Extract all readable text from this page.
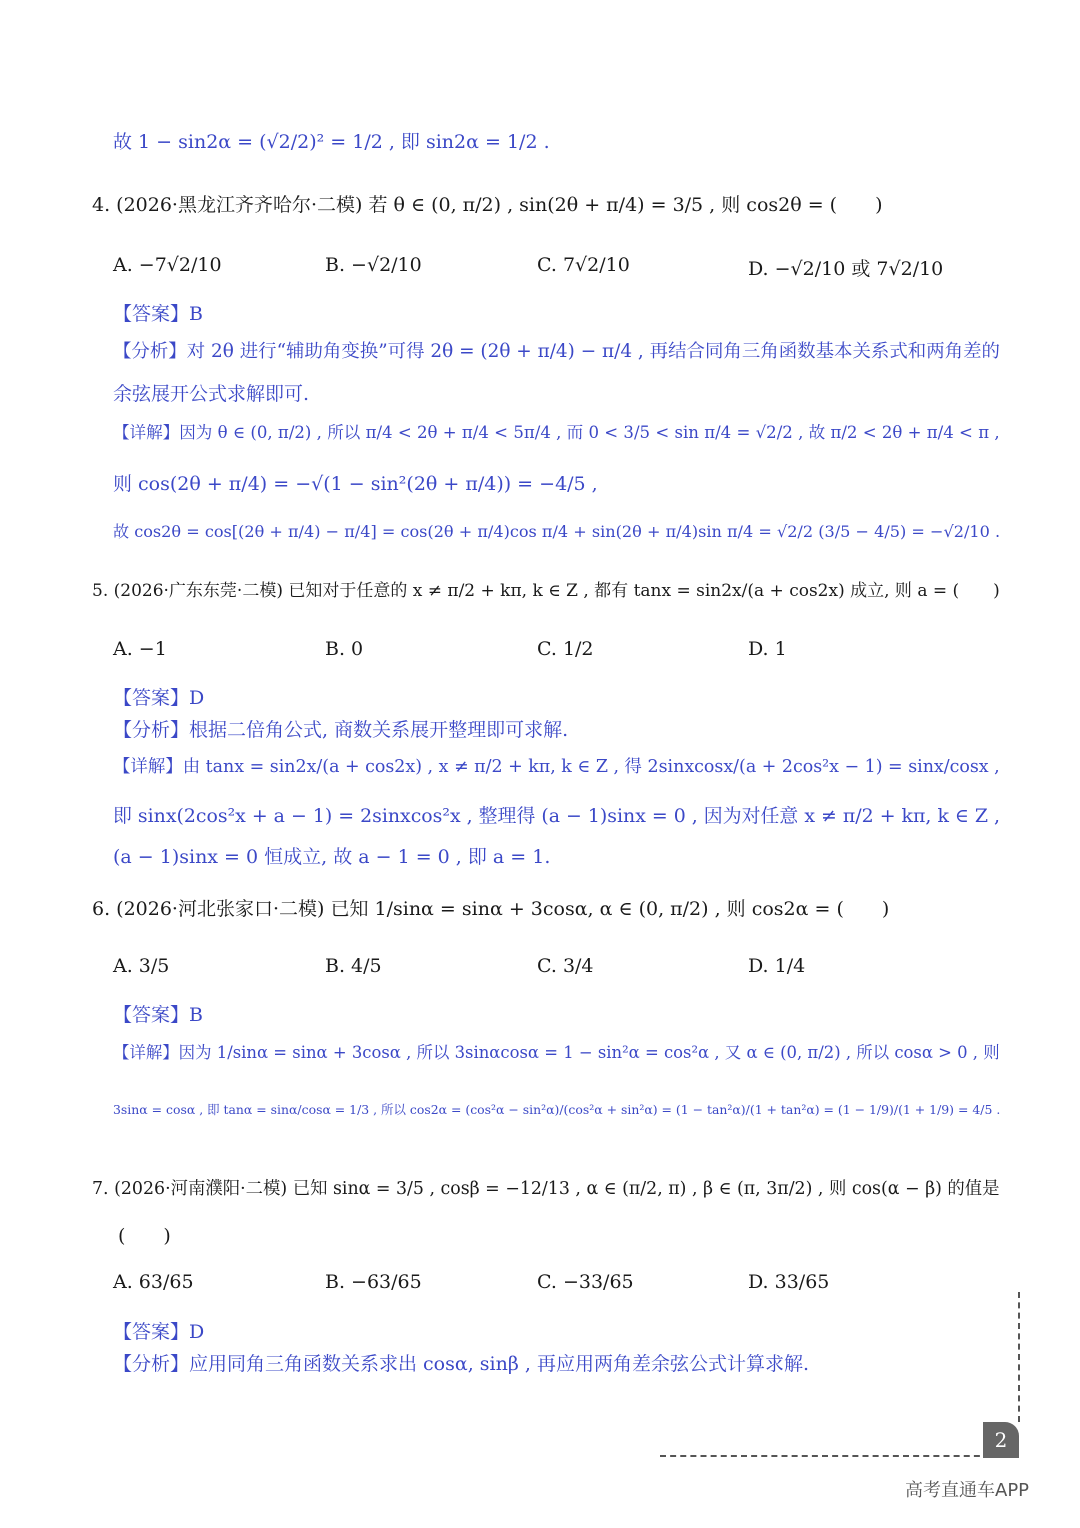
故 1 − sin2α = (√2/2)² = 1/2 , 即 sin2α = 1/2 .
4. (2026·黑龙江齐齐哈尔·二模) 若 θ ∈ (0, π/2) , sin(2θ + π/4) = 3/5 , 则 cos2θ = (　　)
【答案】B
【分析】对 2θ 进行“辅助角变换”可得 2θ = (2θ + π/4) − π/4 , 再结合同角三角函数基本关系式和两角差的
余弦展开公式求解即可.
【详解】因为 θ ∈ (0, π/2) , 所以 π/4 < 2θ + π/4 < 5π/4 , 而 0 < 3/5 < sin π/4 = √2/2 , 故 π/2 < 2θ + π/4 < π ,
则 cos(2θ + π/4) = −√(1 − sin²(2θ + π/4)) = −4/5 ,
故 cos2θ = cos[(2θ + π/4) − π/4] = cos(2θ + π/4)cos π/4 + sin(2θ + π/4)sin π/4 = √2/2 (3/5 − 4/5) = −√2/10 .
5. (2026·广东东莞·二模) 已知对于任意的 x ≠ π/2 + kπ, k ∈ Z , 都有 tanx = sin2x/(a + cos2x) 成立, 则 a = (　　)
【答案】D
【分析】根据二倍角公式, 商数关系展开整理即可求解.
【详解】由 tanx = sin2x/(a + cos2x) , x ≠ π/2 + kπ, k ∈ Z , 得 2sinxcosx/(a + 2cos²x − 1) = sinx/cosx ,
即 sinx(2cos²x + a − 1) = 2sinxcos²x , 整理得 (a − 1)sinx = 0 , 因为对任意 x ≠ π/2 + kπ, k ∈ Z ,
(a − 1)sinx = 0 恒成立, 故 a − 1 = 0 , 即 a = 1.
6. (2026·河北张家口·二模) 已知 1/sinα = sinα + 3cosα, α ∈ (0, π/2) , 则 cos2α = (　　)
【答案】B
【详解】因为 1/sinα = sinα + 3cosα , 所以 3sinαcosα = 1 − sin²α = cos²α , 又 α ∈ (0, π/2) , 所以 cosα > 0 , 则
3sinα = cosα , 即 tanα = sinα/cosα = 1/3 , 所以 cos2α = (cos²α − sin²α)/(cos²α + sin²α) = (1 − tan²α)/(1 + tan²α) = (1 − 1/9)/(1 + 1/9) = 4/5 .
7. (2026·河南濮阳·二模) 已知 sinα = 3/5 , cosβ = −12/13 , α ∈ (π/2, π) , β ∈ (π, 3π/2) , 则 cos(α − β) 的值是
(　　)
【答案】D
【分析】应用同角三角函数关系求出 cosα, sinβ , 再应用两角差余弦公式计算求解.
A. −7√2/10	B. −√2/10	C. 7√2/10	D. −√2/10 或 7√2/10
A. −1	B. 0	C. 1/2	D. 1
A. 3/5	B. 4/5	C. 3/4	D. 1/4
A. 63/65	B. −63/65	C. −33/65	D. 33/65
2
高考直通车APP
